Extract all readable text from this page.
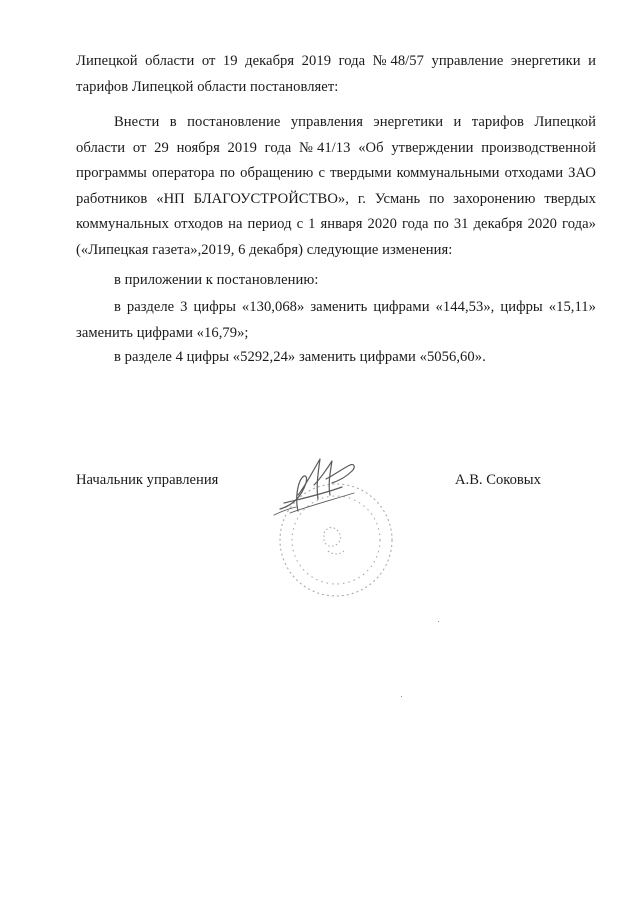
Липецкой области от 19 декабря 2019 года №48/57 управление энергетики и тарифов Липецкой области постановляет:

Внести в постановление управления энергетики и тарифов Липецкой области от 29 ноября 2019 года №41/13 «Об утверждении производственной программы оператора по обращению с твердыми коммунальными отходами ЗАО работников «НП БЛАГОУСТРОЙСТВО», г. Усмань по захоронению твердых коммунальных отходов на период с 1 января 2020 года по 31 декабря 2020 года» («Липецкая газета»,2019, 6 декабря) следующие изменения:

в приложении к постановлению:

в разделе 3 цифры «130,068» заменить цифрами «144,53», цифры «15,11» заменить цифрами «16,79»;

в разделе 4 цифры «5292,24» заменить цифрами «5056,60».

Начальник управления	А.В. Соковых
